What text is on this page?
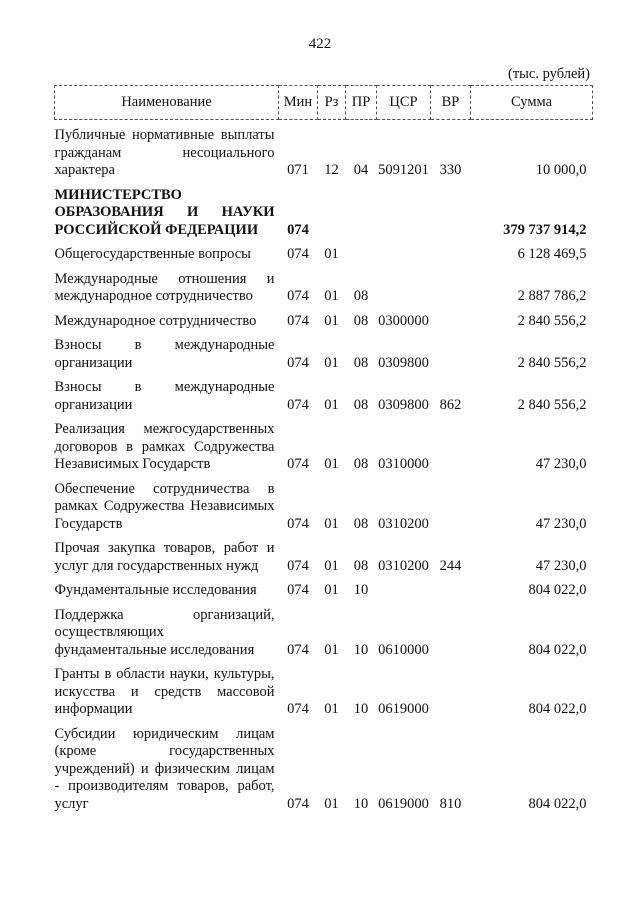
422
(тыс. рублей)
Наименование	Мин	Рз	ПР	ЦСР	ВР	Сумма
Публичные нормативные выплаты гражданам несоциального характера	071	12	04	5091201	330	10 000,0
МИНИСТЕРСТВО ОБРАЗОВАНИЯ И НАУКИ РОССИЙСКОЙ ФЕДЕРАЦИИ	074					379 737 914,2
Общегосударственные вопросы	074	01				6 128 469,5
Международные отношения и международное сотрудничество	074	01	08			2 887 786,2
Международное сотрудничество	074	01	08	0300000		2 840 556,2
Взносы в международные организации	074	01	08	0309800		2 840 556,2
Взносы в международные организации	074	01	08	0309800	862	2 840 556,2
Реализация межгосударственных договоров в рамках Содружества Независимых Государств	074	01	08	0310000		47 230,0
Обеспечение сотрудничества в рамках Содружества Независимых Государств	074	01	08	0310200		47 230,0
Прочая закупка товаров, работ и услуг для государственных нужд	074	01	08	0310200	244	47 230,0
Фундаментальные исследования	074	01	10			804 022,0
Поддержка организаций, осуществляющих фундаментальные исследования	074	01	10	0610000		804 022,0
Гранты в области науки, культуры, искусства и средств массовой информации	074	01	10	0619000		804 022,0
Субсидии юридическим лицам (кроме государственных учреждений) и физическим лицам - производителям товаров, работ, услуг	074	01	10	0619000	810	804 022,0
